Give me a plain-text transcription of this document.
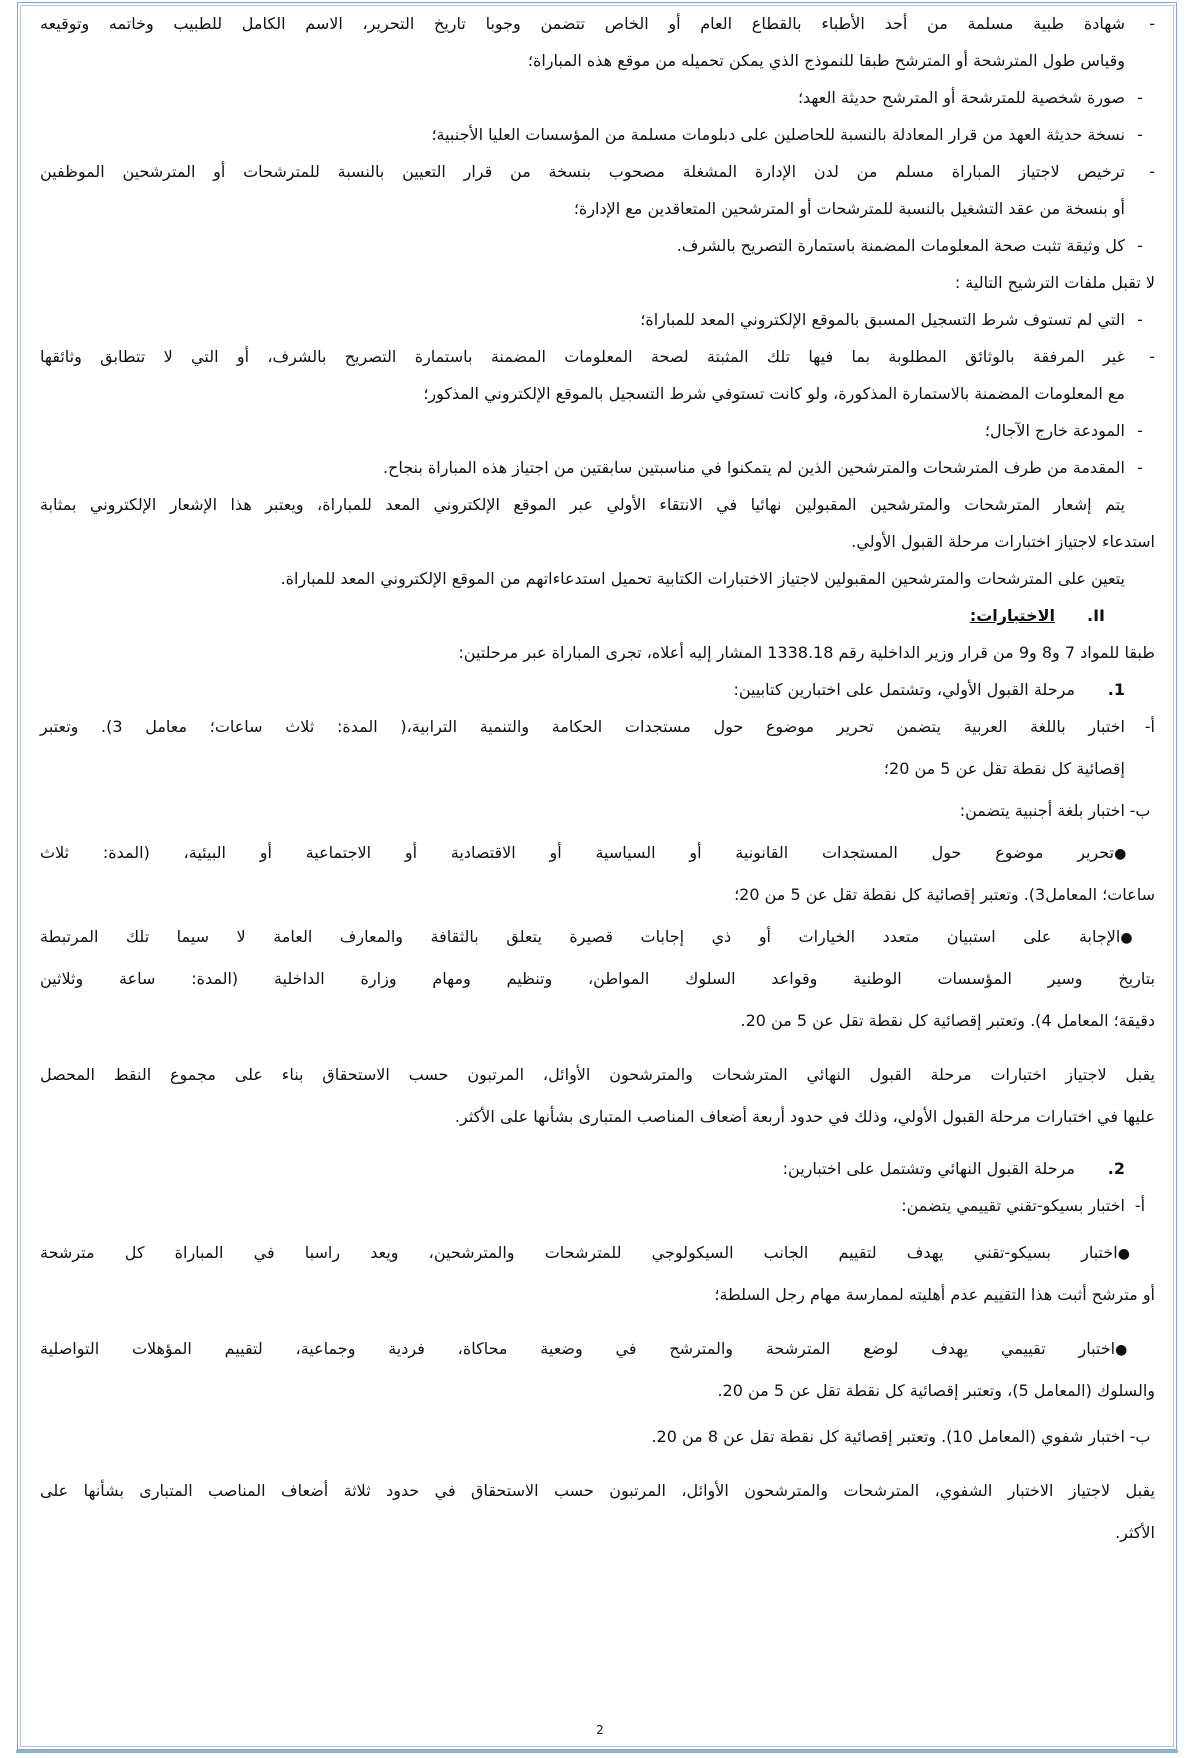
-شهادة طبية مسلمة من أحد الأطباء بالقطاع العام أو الخاص تتضمن وجوبا تاريخ التحرير، الاسم الكامل للطبيب وخاتمه وتوقيعه
وقياس طول المترشحة أو المترشح طبقا للنموذج الذي يمكن تحميله من موقع هذه المباراة؛
-صورة شخصية للمترشحة أو المترشح حديثة العهد؛
-نسخة حديثة العهد من قرار المعادلة بالنسبة للحاصلين على دبلومات مسلمة من المؤسسات العليا الأجنبية؛
-ترخيص لاجتياز المباراة مسلم من لدن الإدارة المشغلة مصحوب بنسخة من قرار التعيين بالنسبة للمترشحات أو المترشحين الموظفين
أو بنسخة من عقد التشغيل بالنسبة للمترشحات أو المترشحين المتعاقدين مع الإدارة؛
-كل وثيقة تثبت صحة المعلومات المضمنة باستمارة التصريح بالشرف.
لا تقبل ملفات الترشيح التالية :
-التي لم تستوف شرط التسجيل المسبق بالموقع الإلكتروني المعد للمباراة؛
-غير المرفقة بالوثائق المطلوبة بما فيها تلك المثبتة لصحة المعلومات المضمنة باستمارة التصريح بالشرف، أو التي لا تتطابق وثائقها
مع المعلومات المضمنة بالاستمارة المذكورة، ولو كانت تستوفي شرط التسجيل بالموقع الإلكتروني المذكور؛
-المودعة خارج الآجال؛
-المقدمة من طرف المترشحات والمترشحين الذين لم يتمكنوا في مناسبتين سابقتين من اجتياز هذه المباراة بنجاح.
يتم إشعار المترشحات والمترشحين المقبولين نهائيا في الانتقاء الأولي عبر الموقع الإلكتروني المعد للمباراة، ويعتبر هذا الإشعار الإلكتروني بمثابة
استدعاء لاجتياز اختبارات مرحلة القبول الأولي.
يتعين على المترشحات والمترشحين المقبولين لاجتياز الاختبارات الكتابية تحميل استدعاءاتهم من الموقع الإلكتروني المعد للمباراة.
II.الاختبارات:
طبقا للمواد 7 و8 و9 من قرار وزير الداخلية رقم 1338.18 المشار إليه أعلاه، تجرى المباراة عبر مرحلتين:
1.مرحلة القبول الأولي، وتشتمل على اختبارين كتابيين:
أ-اختبار باللغة العربية يتضمن تحرير موضوع حول مستجدات الحكامة والتنمية الترابية،( المدة: ثلاث ساعات؛ معامل 3). وتعتبر
إقصائية كل نقطة تقل عن 5 من 20؛
ب-اختبار بلغة أجنبية يتضمن:
●تحرير موضوع حول المستجدات القانونية أو السياسية أو الاقتصادية أو الاجتماعية أو البيئية، (المدة: ثلاث
ساعات؛ المعامل3). وتعتبر إقصائية كل نقطة تقل عن 5 من 20؛
●الإجابة على استبيان متعدد الخيارات أو ذي إجابات قصيرة يتعلق بالثقافة والمعارف العامة لا سيما تلك المرتبطة
بتاريخ وسير المؤسسات الوطنية وقواعد السلوك المواطن، وتنظيم ومهام وزارة الداخلية (المدة: ساعة وثلاثين
دقيقة؛ المعامل 4). وتعتبر إقصائية كل نقطة تقل عن 5 من 20.
يقبل لاجتياز اختبارات مرحلة القبول النهائي المترشحات والمترشحون الأوائل، المرتبون حسب الاستحقاق بناء على مجموع النقط المحصل
عليها في اختبارات مرحلة القبول الأولي، وذلك في حدود أربعة أضعاف المناصب المتبارى بشأنها على الأكثر.
2.مرحلة القبول النهائي وتشتمل على اختبارين:
أ-اختبار بسيكو-تقني تقييمي يتضمن:
●اختبار بسيكو-تقني يهدف لتقييم الجانب السيكولوجي للمترشحات والمترشحين، ويعد راسبا في المباراة كل مترشحة
أو مترشح أثبت هذا التقييم عدم أهليته لممارسة مهام رجل السلطة؛
●اختبار تقييمي يهدف لوضع المترشحة والمترشح في وضعية محاكاة، فردية وجماعية، لتقييم المؤهلات التواصلية
والسلوك (المعامل 5)، وتعتبر إقصائية كل نقطة تقل عن 5 من 20.
ب-اختبار شفوي (المعامل 10). وتعتبر إقصائية كل نقطة تقل عن 8 من 20.
يقبل لاجتياز الاختبار الشفوي، المترشحات والمترشحون الأوائل، المرتبون حسب الاستحقاق في حدود ثلاثة أضعاف المناصب المتبارى بشأنها على
الأكثر.
2
